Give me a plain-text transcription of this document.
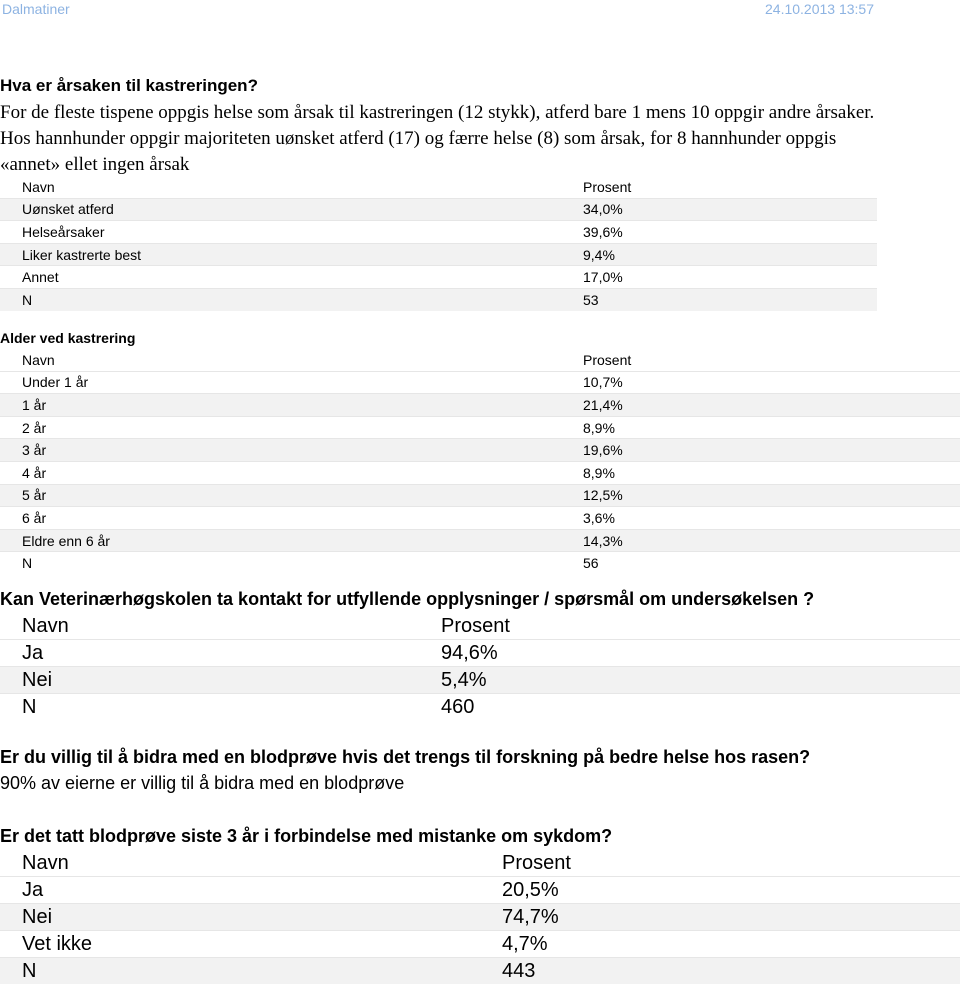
Dalmatiner	24.10.2013 13:57
Hva er årsaken til kastreringen?
For de fleste tispene oppgis helse som årsak til kastreringen (12 stykk), atferd bare 1 mens 10 oppgir andre årsaker. Hos hannhunder oppgir majoriteten uønsket atferd (17) og færre helse (8) som årsak, for 8 hannhunder oppgis «annet» ellet ingen årsak
Navn	Prosent
Uønsket atferd	34,0%
Helseårsaker	39,6%
Liker kastrerte best	9,4%
Annet	17,0%
N	53
Alder ved kastrering
Navn	Prosent
Under 1 år	10,7%
1 år	21,4%
2 år	8,9%
3 år	19,6%
4 år	8,9%
5 år	12,5%
6 år	3,6%
Eldre enn 6 år	14,3%
N	56
Kan Veterinærhøgskolen ta kontakt for utfyllende opplysninger / spørsmål om undersøkelsen ?
Navn	Prosent
Ja	94,6%
Nei	5,4%
N	460
Er du villig til å bidra med en blodprøve hvis det trengs til forskning på bedre helse hos rasen?
90% av eierne er villig til å bidra med en blodprøve
Er det tatt blodprøve siste 3 år i forbindelse med mistanke om sykdom?
Navn	Prosent
Ja	20,5%
Nei	74,7%
Vet ikke	4,7%
N	443
